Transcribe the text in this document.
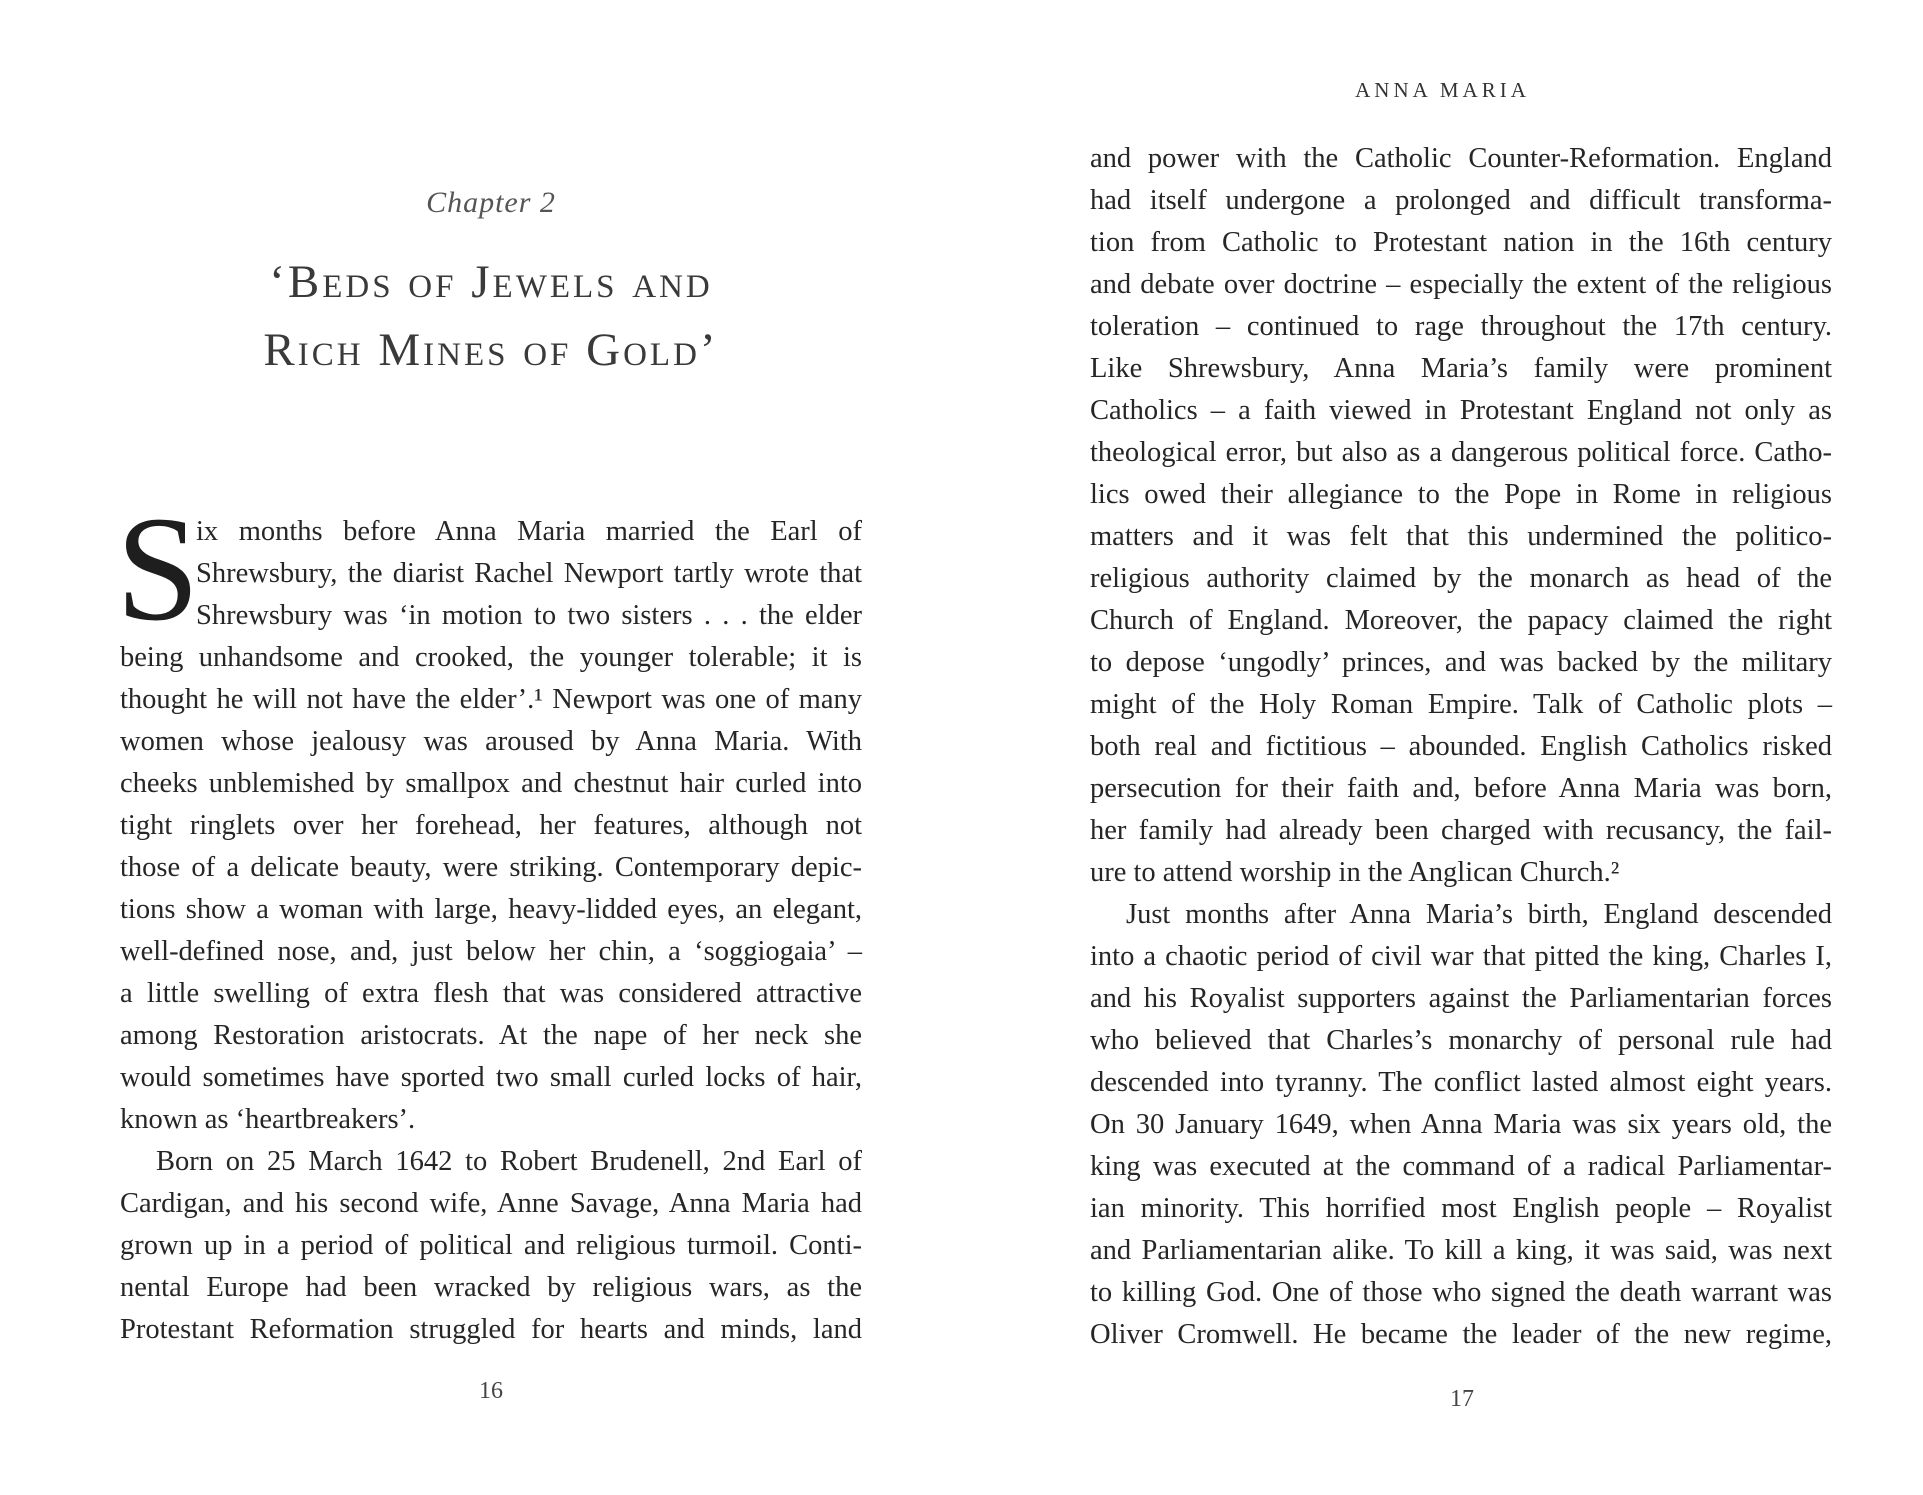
Chapter 2
‘Beds of Jewels and
Rich Mines of Gold’
S
ix months before Anna Maria married the Earl of
Shrewsbury, the diarist Rachel Newport tartly wrote that
Shrewsbury was ‘in motion to two sisters . . . the elder
being unhandsome and crooked, the younger tolerable; it is
thought he will not have the elder’.¹ Newport was one of many
women whose jealousy was aroused by Anna Maria. With
cheeks unblemished by smallpox and chestnut hair curled into
tight ringlets over her forehead, her features, although not
those of a delicate beauty, were striking. Contemporary depic-
tions show a woman with large, heavy-lidded eyes, an elegant,
well-defined nose, and, just below her chin, a ‘soggiogaia’ –
a little swelling of extra flesh that was considered attractive
among Restoration aristocrats. At the nape of her neck she
would sometimes have sported two small curled locks of hair,
known as ‘heartbreakers’.
Born on 25 March 1642 to Robert Brudenell, 2nd Earl of
Cardigan, and his second wife, Anne Savage, Anna Maria had
grown up in a period of political and religious turmoil. Conti-
nental Europe had been wracked by religious wars, as the
Protestant Reformation struggled for hearts and minds, land
16
ANNA MARIA
and power with the Catholic Counter-Reformation. England
had itself undergone a prolonged and difficult transforma-
tion from Catholic to Protestant nation in the 16th century
and debate over doctrine – especially the extent of the religious
toleration – continued to rage throughout the 17th century.
Like Shrewsbury, Anna Maria’s family were prominent
Catholics – a faith viewed in Protestant England not only as
theological error, but also as a dangerous political force. Catho-
lics owed their allegiance to the Pope in Rome in religious
matters and it was felt that this undermined the politico-
religious authority claimed by the monarch as head of the
Church of England. Moreover, the papacy claimed the right
to depose ‘ungodly’ princes, and was backed by the military
might of the Holy Roman Empire. Talk of Catholic plots –
both real and fictitious – abounded. English Catholics risked
persecution for their faith and, before Anna Maria was born,
her family had already been charged with recusancy, the fail-
ure to attend worship in the Anglican Church.²
Just months after Anna Maria’s birth, England descended
into a chaotic period of civil war that pitted the king, Charles I,
and his Royalist supporters against the Parliamentarian forces
who believed that Charles’s monarchy of personal rule had
descended into tyranny. The conflict lasted almost eight years.
On 30 January 1649, when Anna Maria was six years old, the
king was executed at the command of a radical Parliamentar-
ian minority. This horrified most English people – Royalist
and Parliamentarian alike. To kill a king, it was said, was next
to killing God. One of those who signed the death warrant was
Oliver Cromwell. He became the leader of the new regime,
17
